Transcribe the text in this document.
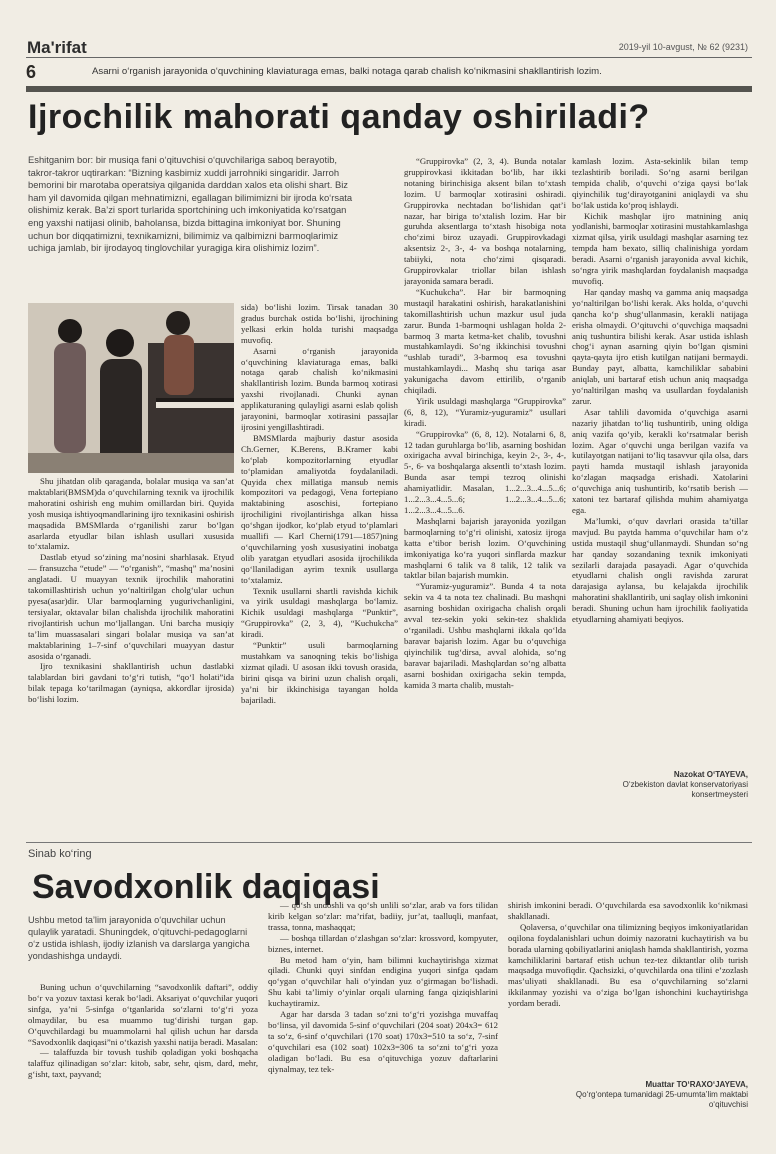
Ma'rifat	2019-yil 10-avgust, № 62 (9231)
6	Asarni o‘rganish jarayonida o‘quvchining klaviaturaga emas, balki notaga qarab chalish ko‘nikmasini shakllantirish lozim.
Ijrochilik mahorati qanday oshiriladi?
Eshitganim bor: bir musiqa fani o‘qituvchisi o‘quvchilariga saboq berayotib, takror-takror uqtirarkan: “Bizning kasbimiz xuddi jarrohniki singaridir. Jarroh bemorini bir marotaba operatsiya qilganida darddan xalos eta olishi shart. Biz ham yil davomida qilgan mehnatimizni, egallagan bilimimizni bir ijroda ko‘rsata olishimiz kerak. Ba’zi sport turlarida sportchining uch imkoniyatida ko‘rsatgan eng yaxshi natijasi olinib, baholansa, bizda bittagina imkoniyat bor. Shuning uchun bor diqqatimizni, texnikamizni, bilimimiz va qalbimizni barmoqlarimiz uchiga jamlab, bir ijrodayoq tinglovchilar yuragiga kira olishimiz lozim”.

Shu jihatdan olib qaraganda, bolalar musiqa va san’at maktablari(BMSM)da o‘quvchilarning texnik va ijrochilik mahoratini oshirish eng muhim omillardan biri. Quyida yosh musiqa ishtiyoqmandlarining ijro texnikasini oshirish maqsadida BMSMlarda o‘rganilishi zarur bo‘lgan asarlarda etyudlar bilan ishlash usullari xususida to‘xtalamiz.

Dastlab etyud so‘zining ma’nosini sharhlasak. Etyud — fransuzcha “etude” — “o‘rganish”, “mashq” ma’nosini anglatadi. U muayyan texnik ijrochilik mahoratini takomillashtirish uchun yo‘naltirilgan cholg‘ular uchun pyesa(asar)dir. Ular barmoqlarning yugurivchanligini, tersiyalar, oktavalar bilan chalishda ijrochilik mahoratini rivojlantirish uchun mo‘ljallangan. Uni barcha musiqiy ta’lim muassasalari singari bolalar musiqa va san’at maktablarining 1–7-sinf o‘quvchilari muayyan dastur asosida o‘rganadi.

Ijro texnikasini shakllantirish uchun dastlabki talablardan biri gavdani to‘g‘ri tutish, “qo‘l holati”ida bilak tepaga ko‘tarilmagan (ayniqsa, akkordlar ijrosida) bo‘lishi lozim.

sida) bo‘lishi lozim. Tirsak tanadan 30 gradus burchak ostida bo‘lishi, ijrochining yelkasi erkin holda turishi maqsadga muvofiq.

Asarni o‘rganish jarayonida o‘quvchining klaviaturaga emas, balki notaga qarab chalish ko‘nikmasini shakllantirish lozim. Bunda barmoq xotirasi yaxshi rivojlanadi. Chunki aynan applikaturaning qulayligi asarni eslab qolish jarayonini, barmoqlar xotirasini passajlar ijrosini yengillashtiradi.

BMSMlarda majburiy dastur asosida Ch.Gerner, K.Berens, B.Kramer kabi ko‘plab kompozitorlarning etyudlar to‘plamidan amaliyotda foydalaniladi. Quyida chex millatiga mansub nemis kompozitori va pedagogi, Vena fortepiano maktabining asoschisi, fortepiano ijrochiligini rivojlantirishga alkan hissa qo‘shgan ijodkor, ko‘plab etyud to‘plamlari muallifi — Karl Cherni(1791—1857)ning o‘quvchilarning yosh xususiyatini inobatga olib yaratgan etyudlari asosida ijrochilikda qo‘llaniladigan ayrim texnik usullarga to‘xtalamiz.

Texnik usullarni shartli ravishda kichik va yirik usuldagi mashqlarga bo‘lamiz. Kichik usuldagi mashqlarga “Punktir”, “Gruppirovka” (2, 3, 4), “Kuchukcha” kiradi.

“Punktir” usuli barmoqlarning mustahkam va sanoqning tekis bo‘lishiga xizmat qiladi. U asosan ikki tovush orasida, birini qisqa va birini uzun chalish orqali, ya’ni bir ikkinchisiga tayangan holda bajariladi.

“Gruppirovka” (2, 3, 4). Bunda notalar gruppirovkasi ikkitadan bo‘lib, har ikki notaning birinchisiga aksent bilan to‘xtash lozim. U barmoqlar xotirasini oshiradi. Gruppirovka nechtadan bo‘lishidan qat’i nazar, har biriga to‘xtalish lozim. Har bir guruhda aksentlarga to‘xtash hisobiga nota cho‘zimi biroz uzayadi. Gruppirovkadagi aksentsiz 2-, 3-, 4- va boshqa notalarning, tabiiyki, nota cho‘zimi qisqaradi. Gruppirovkalar triollar bilan ishlash jarayonida samara beradi.

“Kuchukcha”. Har bir barmoqning mustaqil harakatini oshirish, harakatlanishini takomillashtirish uchun mazkur usul juda zarur. Bunda 1-barmoqni ushlagan holda 2-barmoq 3 marta ketma-ket chalib, tovushni mustahkamlaydi. So‘ng ikkinchisi tovushni “ushlab turadi”, 3-barmoq esa tovushni mustahkamlaydi... Mashq shu tariqa asar yakunigacha davom ettirilib, o‘rganib chiqiladi.

Yirik usuldagi mashqlarga “Gruppirovka” (6, 8, 12), “Yuramiz-yuguramiz” usullari kiradi.

“Gruppirovka” (6, 8, 12). Notalarni 6, 8, 12 tadan guruhlarga bo‘lib, asarning boshidan oxirigacha avval birinchiga, keyin 2-, 3-, 4-, 5-, 6- va boshqalarga aksentli to‘xtash lozim. Bunda asar tempi tezroq olinishi ahamiyatlidir. Masalan, 1...2...3...4...5...6; 1...2...3...4...5...6; 1...2...3...4...5...6; 1...2...3...4...5...6.

Mashqlarni bajarish jarayonida yozilgan barmoqlarning to‘g‘ri olinishi, xatosiz ijroga katta e’tibor berish lozim. O‘quvchining imkoniyatiga ko‘ra yuqori sinflarda mazkur mashqlarni 6 talik va 8 talik, 12 talik va taktlar bilan bajarish mumkin.

“Yuramiz-yuguramiz”. Bunda 4 ta nota sekin va 4 ta nota tez chalinadi. Bu mashqni asarning boshidan oxirigacha chalish orqali avval tez-sekin yoki sekin-tez shaklida o‘rganiladi. Ushbu mashqlarni ikkala qo‘lda baravar bajarish lozim. Agar bu o‘quvchiga qiyinchilik tug‘dirsa, avval alohida, so‘ng baravar bajariladi. Mashqlardan so‘ng albatta asarni boshidan oxirigacha sekin tempda, kamida 3 marta chalib, mustah-

kamlash lozim. Asta-sekinlik bilan temp tezlashtirib boriladi. So‘ng asarni berilgan tempida chalib, o‘quvchi o‘ziga qaysi bo‘lak qiyinchilik tug‘dirayotganini aniqlaydi va shu bo‘lak ustida ko‘proq ishlaydi.

Kichik mashqlar ijro matnining aniq yodlanishi, barmoqlar xotirasini mustahkamlashga xizmat qilsa, yirik usuldagi mashqlar asarning tez tempda ham bexato, silliq chalinishiga yordam beradi. Asarni o‘rganish jarayonida avval kichik, so‘ngra yirik mashqlardan foydalanish maqsadga muvofiq.

Har qanday mashq va gamma aniq maqsadga yo‘naltirilgan bo‘lishi kerak. Aks holda, o‘quvchi qancha ko‘p shug‘ullanmasin, kerakli natijaga erisha olmaydi. O‘qituvchi o‘quvchiga maqsadni aniq tushuntira bilishi kerak. Asar ustida ishlash chog‘i aynan asarning qiyin bo‘lgan qismini qayta-qayta ijro etish kutilgan natijani bermaydi. Bunday payt, albatta, kamchiliklar sababini aniqlab, uni bartaraf etish uchun aniq maqsadga yo‘naltirilgan mashq va usullardan foydalanish zarur.

Asar tahlili davomida o‘quvchiga asarni nazariy jihatdan to‘liq tushuntirib, uning oldiga aniq vazifa qo‘yib, kerakli ko‘rsatmalar berish lozim. Agar o‘quvchi unga berilgan vazifa va kutilayotgan natijani to‘liq tasavvur qila olsa, dars payti hamda mustaqil ishlash jarayonida ko‘zlagan maqsadga erishadi. Xatolarini o‘quvchiga aniq tushuntirib, ko‘rsatib berish — xatoni tez bartaraf qilishda muhim ahamiyatga ega.

Ma’lumki, o‘quv davrlari orasida ta’tillar mavjud. Bu paytda hamma o‘quvchilar ham o‘z ustida mustaqil shug‘ullanmaydi. Shundan so‘ng har qanday sozandaning texnik imkoniyati sezilarli darajada pasayadi. Agar o‘quvchida etyudlarni chalish ongli ravishda zarurat darajasiga aylansa, bu kelajakda ijrochilik mahoratini shakllantirib, uni saqlay olish imkonini beradi. Shuning uchun ham ijrochilik faoliyatida etyudlarning ahamiyati beqiyos.

Nazokat O‘TAYEVA,
O‘zbekiston davlat konservatoriyasi konsertmeysteri
Sinab ko‘ring
Savodxonlik daqiqasi
Ushbu metod ta’lim jarayonida o‘quvchilar uchun qulaylik yaratadi. Shuningdek, o‘qituvchi-pedagoglarni o‘z ustida ishlash, ijodiy izlanish va darslarga yangicha yondashishga undaydi.

Buning uchun o‘quvchilarning “savodxonlik daftari”, oddiy bo‘r va yozuv taxtasi kerak bo‘ladi. Aksariyat o‘quvchilar yuqori sinfga, ya’ni 5-sinfga o‘tganlarida so‘zlarni to‘g‘ri yoza olmaydilar, bu esa muammo tug‘dirishi turgan gap. O‘quvchilardagi bu muammolarni hal qilish uchun har darsda “Savodxonlik daqiqasi”ni o‘tkazish yaxshi natija beradi. Masalan:

— talaffuzda bir tovush tushib qoladigan yoki boshqacha talaffuz qilinadigan so‘zlar: kitob, sabr, sehr, qism, dard, mehr, g‘isht, taxt, payvand;

— qo‘sh undoshli va qo‘sh unlili so‘zlar, arab va fors tilidan kirib kelgan so‘zlar: ma’rifat, badiiy, jur’at, taalluqli, manfaat, trassa, tonna, mashaqqat;

— boshqa tillardan o‘zlashgan so‘zlar: krossvord, kompyuter, biznes, internet.

Bu metod ham o‘yin, ham bilimni kuchaytirishga xizmat qiladi. Chunki quyi sinfdan endigina yuqori sinfga qadam qo‘ygan o‘quvchilar hali o‘yindan yuz o‘girmagan bo‘lishadi. Shu kabi ta’limiy o‘yinlar orqali ularning fanga qiziqishlarini kuchaytiramiz.

Agar har darsda 3 tadan so‘zni to‘g‘ri yozishga muvaffaq bo‘linsa, yil davomida 5-sinf o‘quvchilari (204 soat) 204x3= 612 ta so‘z, 6-sinf o‘quvchilari (170 soat) 170x3=510 ta so‘z, 7-sinf o‘quvchilari esa (102 soat) 102x3=306 ta so‘zni to‘g‘ri yoza oladigan bo‘ladi. Bu esa o‘qituvchiga yozuv daftarlarini qiynalmay, tez tek-

shirish imkonini beradi. O‘quvchilarda esa savodxonlik ko‘nikmasi shakllanadi.

Qolaversa, o‘quvchilar ona tilimizning beqiyos imkoniyatlaridan oqilona foydalanishlari uchun doimiy nazoratni kuchaytirish va bu borada ularning qobiliyatlarini aniqlash hamda shakllantirish, yozma kamchiliklarini bartaraf etish uchun tez-tez diktantlar olib turish maqsadga muvofiqdir. Qachsizki, o‘quvchilarda ona tilini e’zozlash mas’uliyati shakllanadi. Bu esa o‘quvchilarning so‘zlarni ikkilanmay yozishi va o‘ziga bo‘lgan ishonchini kuchaytirishga yordam beradi.

Muattar TO‘RAXO‘JAYEVA,
Qo‘rg‘ontepa tumanidagi 25-umumta’lim maktabi o‘qituvchisi
